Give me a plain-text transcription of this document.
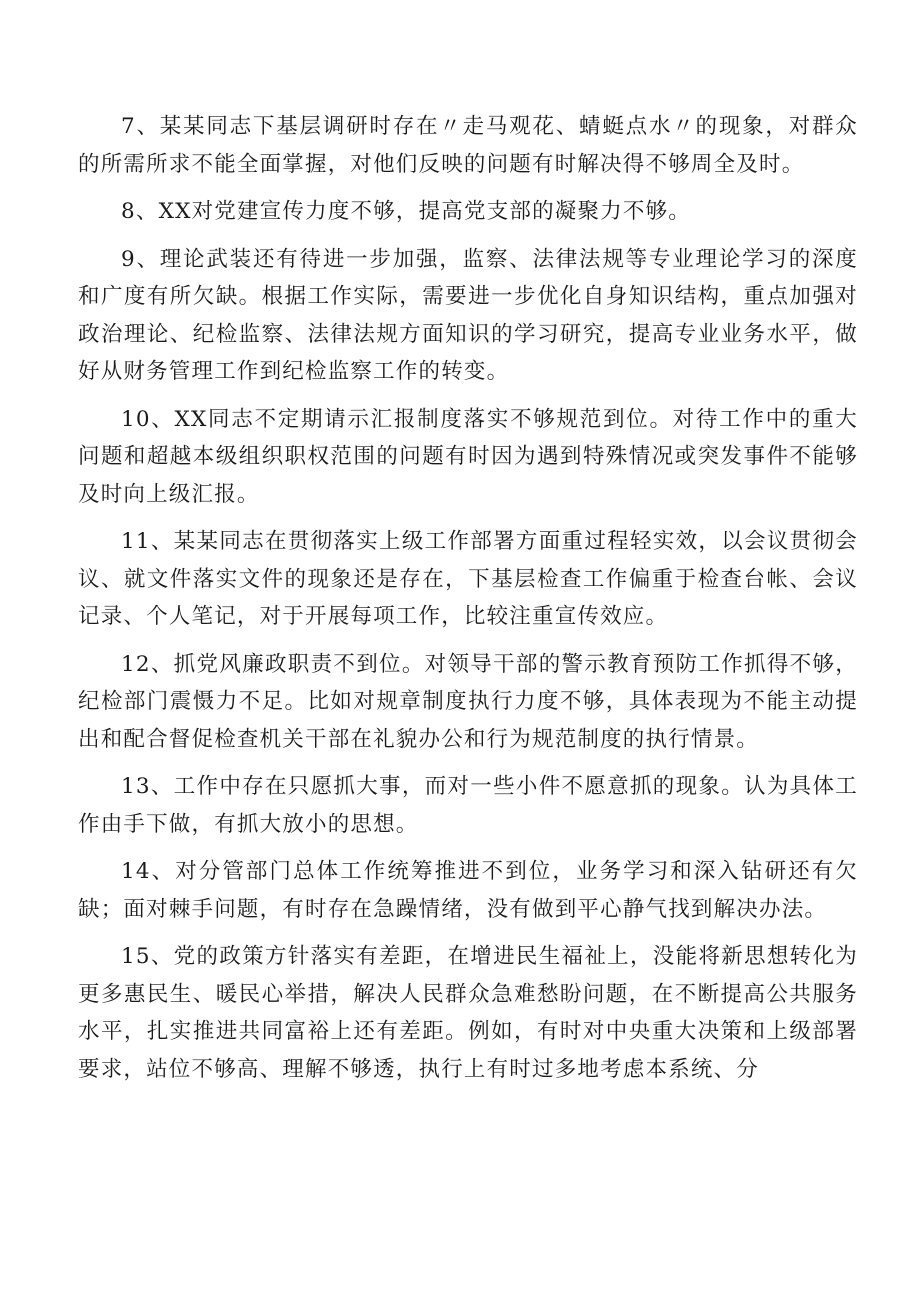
7、某某同志下基层调研时存在〃走马观花、蜻蜓点水〃的现象，对群众的所需所求不能全面掌握，对他们反映的问题有时解决得不够周全及时。

8、XX对党建宣传力度不够，提高党支部的凝聚力不够。

9、理论武装还有待进一步加强，监察、法律法规等专业理论学习的深度和广度有所欠缺。根据工作实际，需要进一步优化自身知识结构，重点加强对政治理论、纪检监察、法律法规方面知识的学习研究，提高专业业务水平，做好从财务管理工作到纪检监察工作的转变。

10、XX同志不定期请示汇报制度落实不够规范到位。对待工作中的重大问题和超越本级组织职权范围的问题有时因为遇到特殊情况或突发事件不能够及时向上级汇报。

11、某某同志在贯彻落实上级工作部署方面重过程轻实效，以会议贯彻会议、就文件落实文件的现象还是存在，下基层检查工作偏重于检查台帐、会议记录、个人笔记，对于开展每项工作，比较注重宣传效应。

12、抓党风廉政职责不到位。对领导干部的警示教育预防工作抓得不够，纪检部门震慑力不足。比如对规章制度执行力度不够，具体表现为不能主动提出和配合督促检查机关干部在礼貌办公和行为规范制度的执行情景。

13、工作中存在只愿抓大事，而对一些小件不愿意抓的现象。认为具体工作由手下做，有抓大放小的思想。

14、对分管部门总体工作统筹推进不到位，业务学习和深入钻研还有欠缺；面对棘手问题，有时存在急躁情绪，没有做到平心静气找到解决办法。

15、党的政策方针落实有差距，在增进民生福祉上，没能将新思想转化为更多惠民生、暖民心举措，解决人民群众急难愁盼问题，在不断提高公共服务水平，扎实推进共同富裕上还有差距。例如，有时对中央重大决策和上级部署要求，站位不够高、理解不够透，执行上有时过多地考虑本系统、分
